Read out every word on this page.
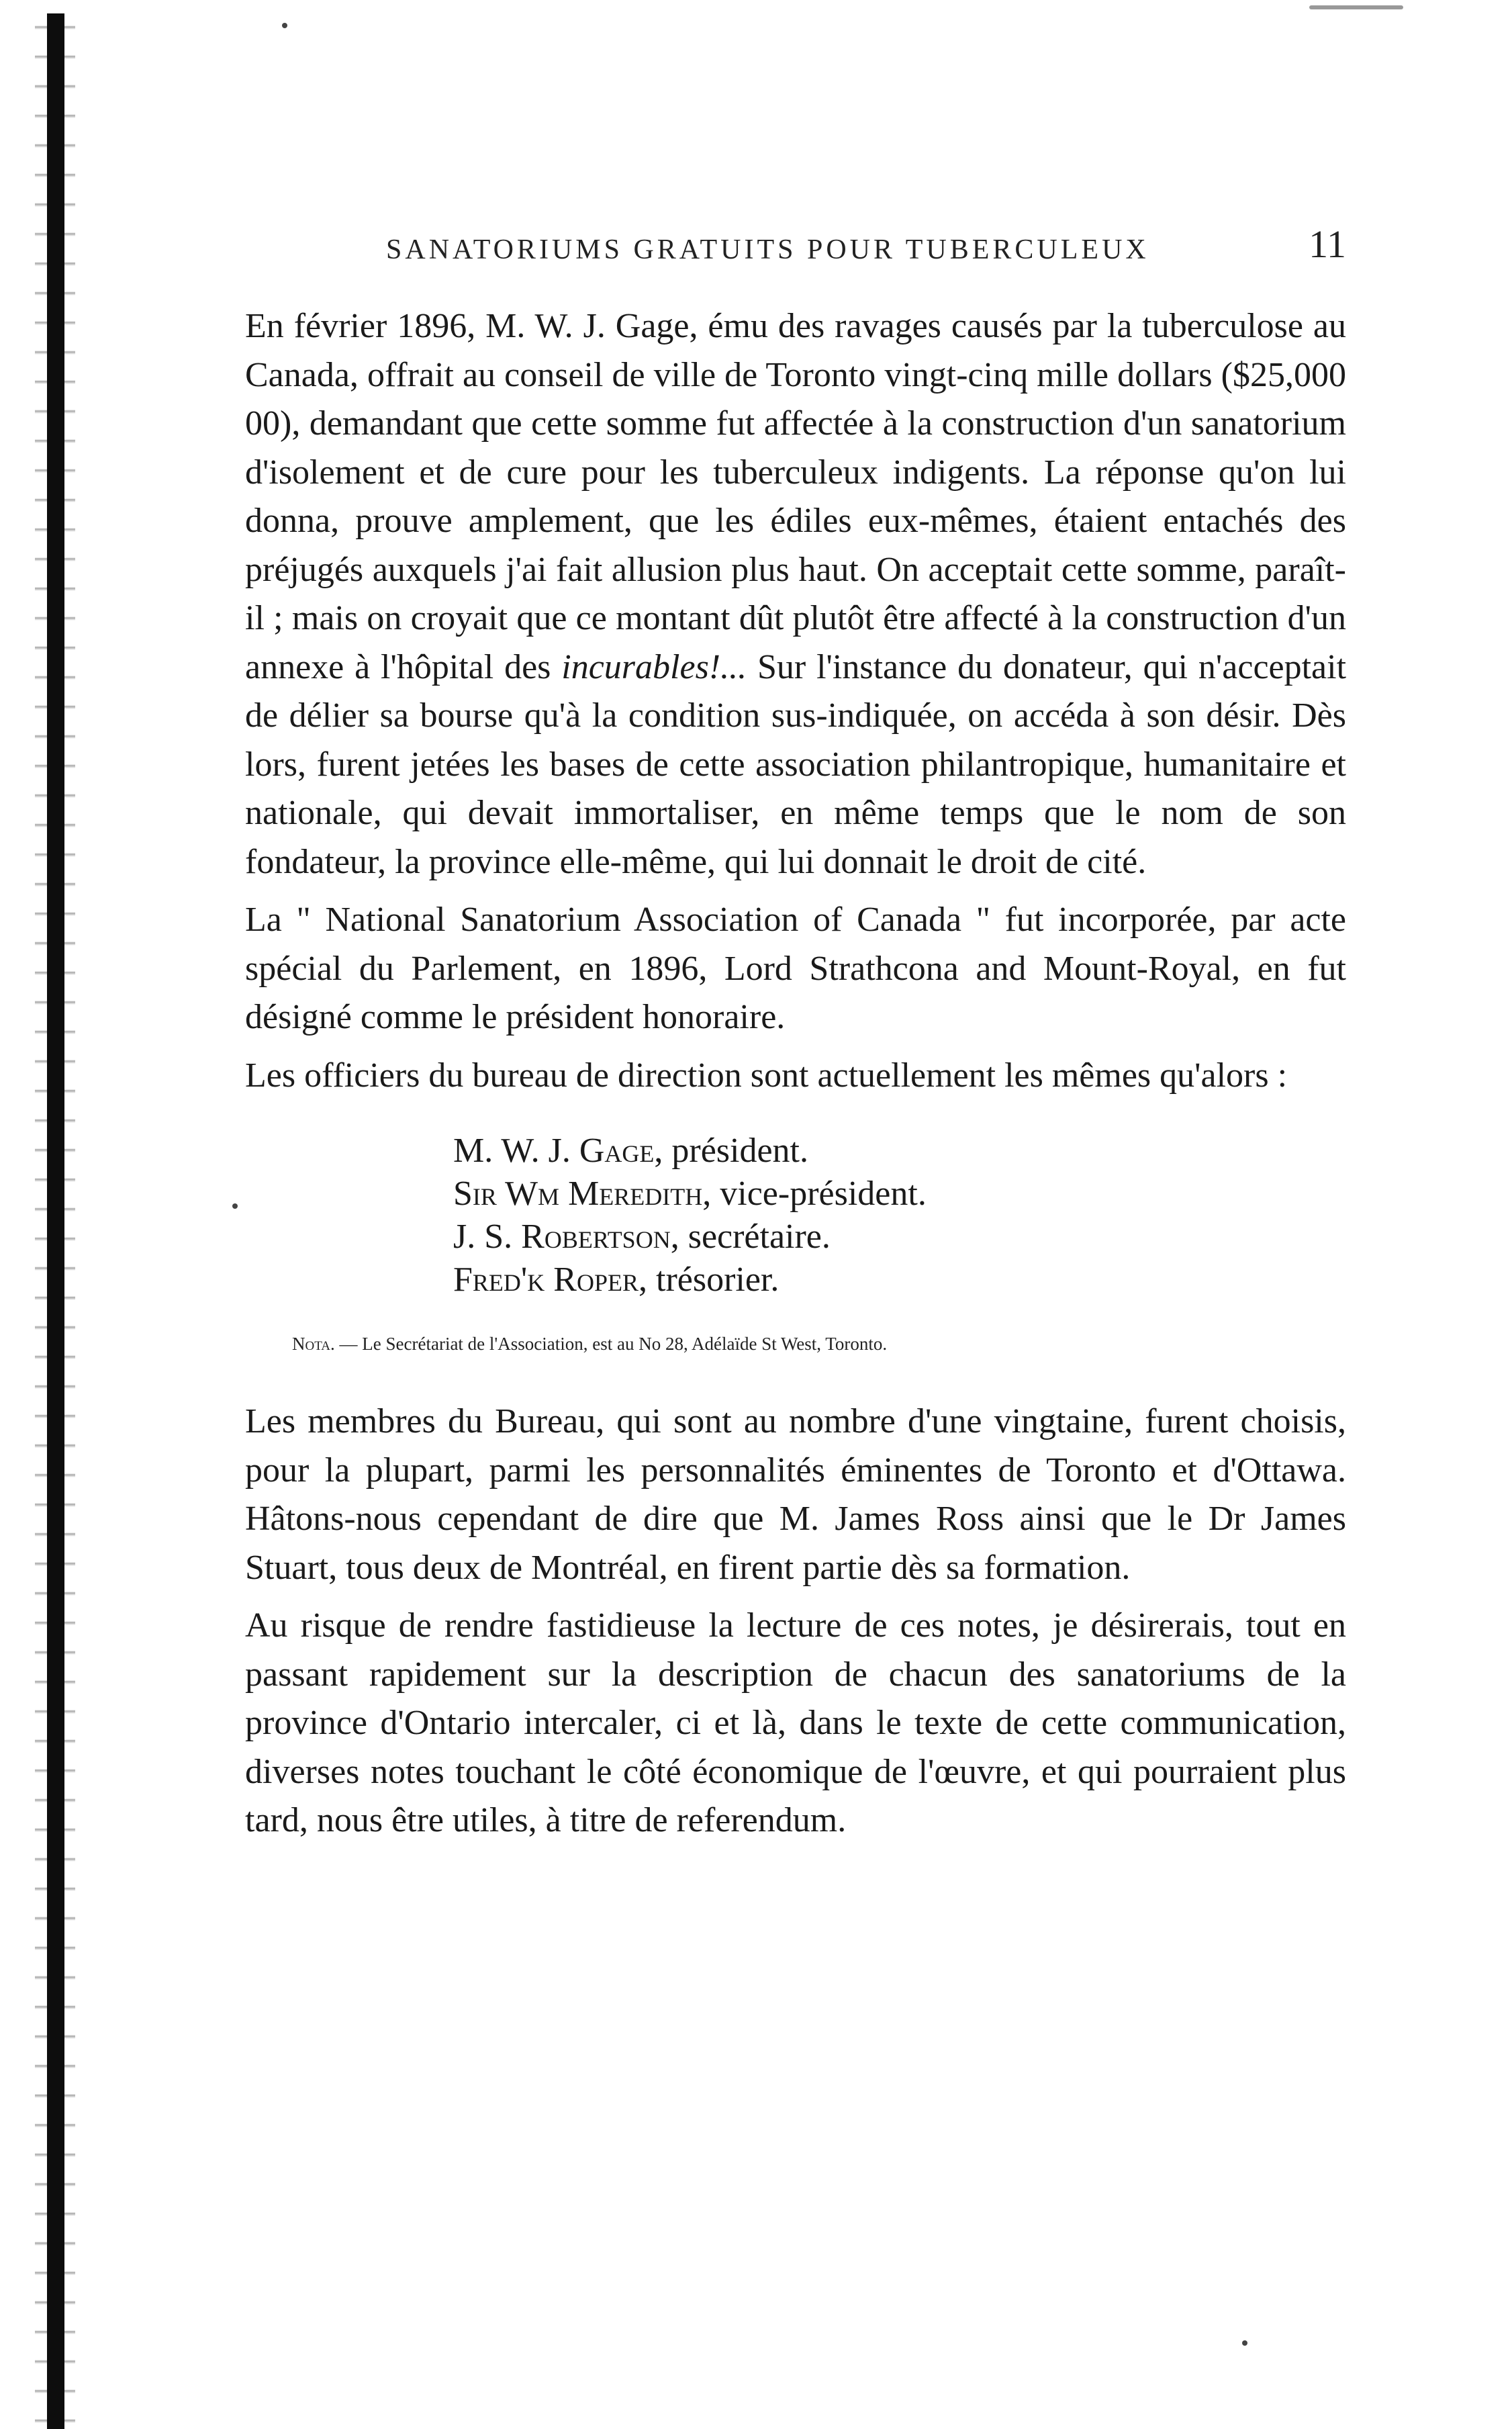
SANATORIUMS GRATUITS POUR TUBERCULEUX	11

En février 1896, M. W. J. Gage, ému des ravages causés par la tuberculose au Canada, offrait au conseil de ville de Toronto vingt-cinq mille dollars ($25,000 00), demandant que cette somme fut affectée à la construction d'un sanatorium d'isolement et de cure pour les tuberculeux indigents. La réponse qu'on lui donna, prouve amplement, que les édiles eux-mêmes, étaient entachés des préjugés auxquels j'ai fait allusion plus haut. On acceptait cette somme, paraît-il ; mais on croyait que ce montant dût plutôt être affecté à la construction d'un annexe à l'hôpital des incurables!... Sur l'instance du donateur, qui n'acceptait de délier sa bourse qu'à la condition sus-indiquée, on accéda à son désir. Dès lors, furent jetées les bases de cette association philantropique, humanitaire et nationale, qui devait immortaliser, en même temps que le nom de son fondateur, la province elle-même, qui lui donnait le droit de cité.

La " National Sanatorium Association of Canada " fut incorporée, par acte spécial du Parlement, en 1896, Lord Strathcona and Mount-Royal, en fut désigné comme le président honoraire.

Les officiers du bureau de direction sont actuellement les mêmes qu'alors :

M. W. J. Gage, président.
Sir Wm Meredith, vice-président.
J. S. Robertson, secrétaire.
Fred'k Roper, trésorier.
Nota. — Le Secrétariat de l'Association, est au No 28, Adélaïde St West, Toronto.

Les membres du Bureau, qui sont au nombre d'une vingtaine, furent choisis, pour la plupart, parmi les personnalités éminentes de Toronto et d'Ottawa. Hâtons-nous cependant de dire que M. James Ross ainsi que le Dr James Stuart, tous deux de Montréal, en firent partie dès sa formation.

Au risque de rendre fastidieuse la lecture de ces notes, je désirerais, tout en passant rapidement sur la description de chacun des sanatoriums de la province d'Ontario intercaler, ci et là, dans le texte de cette communication, diverses notes touchant le côté économique de l'œuvre, et qui pourraient plus tard, nous être utiles, à titre de referendum.
